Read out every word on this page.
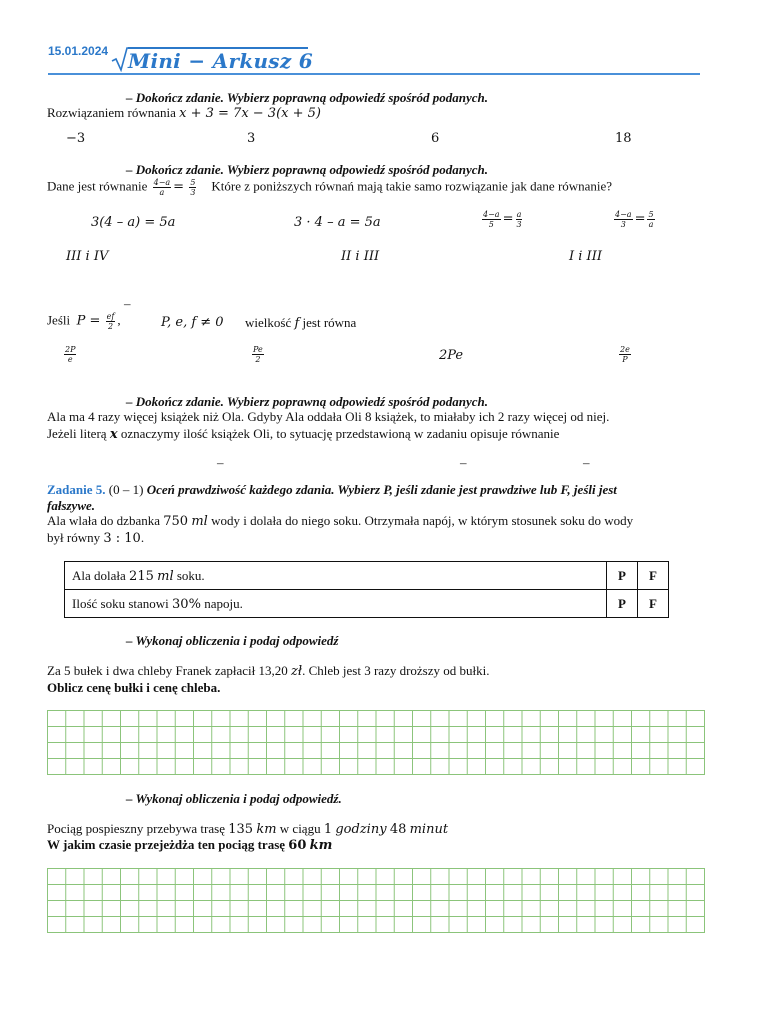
15.01.2024 Mini − Arkusz 6
– Dokończ zdanie. Wybierz poprawną odpowiedź spośród podanych.
Rozwiązaniem równania x + 3 = 7x − 3(x + 5)
−3	3	6	18
– Dokończ zdanie. Wybierz poprawną odpowiedź spośród podanych.
Dane jest równanie $\frac{4-a}{a} = \frac{5}{3}$ Które z poniższych równań mają takie samo rozwiązanie jak dane równanie?
3(4 – a) = 5a	3 · 4 – a = 5a	$\frac{4-a}{5} = \frac{a}{3}$	$\frac{4-a}{3} = \frac{5}{a}$
III i IV	II i III	I i III
–
Jeśli $P = \frac{ef}{2}$ ,	P, e, f ≠ 0 wielkość f jest równa
$\frac{2P}{e}$	$\frac{Pe}{2}$	2Pe	$\frac{2e}{P}$
– Dokończ zdanie. Wybierz poprawną odpowiedź spośród podanych.
Ala ma 4 razy więcej książek niż Ola. Gdyby Ala oddała Oli 8 książek, to miałaby ich 2 razy więcej od niej.
Jeżeli literą x oznaczymy ilość książek Oli, to sytuację przedstawioną w zadaniu opisuje równanie
–	–	–
Zadanie 5. (0 – 1) Oceń prawdziwość każdego zdania. Wybierz P, jeśli zdanie jest prawdziwe lub F, jeśli jest
fałszywe.
Ala wlała do dzbanka 750 ml wody i dolała do niego soku. Otrzymała napój, w którym stosunek soku do wody
był równy 3 : 10.
Ala dolała 215 ml soku.	P	F
Ilość soku stanowi 30% napoju.	P	F
– Wykonaj obliczenia i podaj odpowiedź
Za 5 bułek i dwa chleby Franek zapłacił 13,20 zł. Chleb jest 3 razy droższy od bułki.
Oblicz cenę bułki i cenę chleba.
– Wykonaj obliczenia i podaj odpowiedź.
Pociąg pospieszny przebywa trasę 135 km w ciągu 1 godziny 48 minut
W jakim czasie przejeżdża ten pociąg trasę 60 km
